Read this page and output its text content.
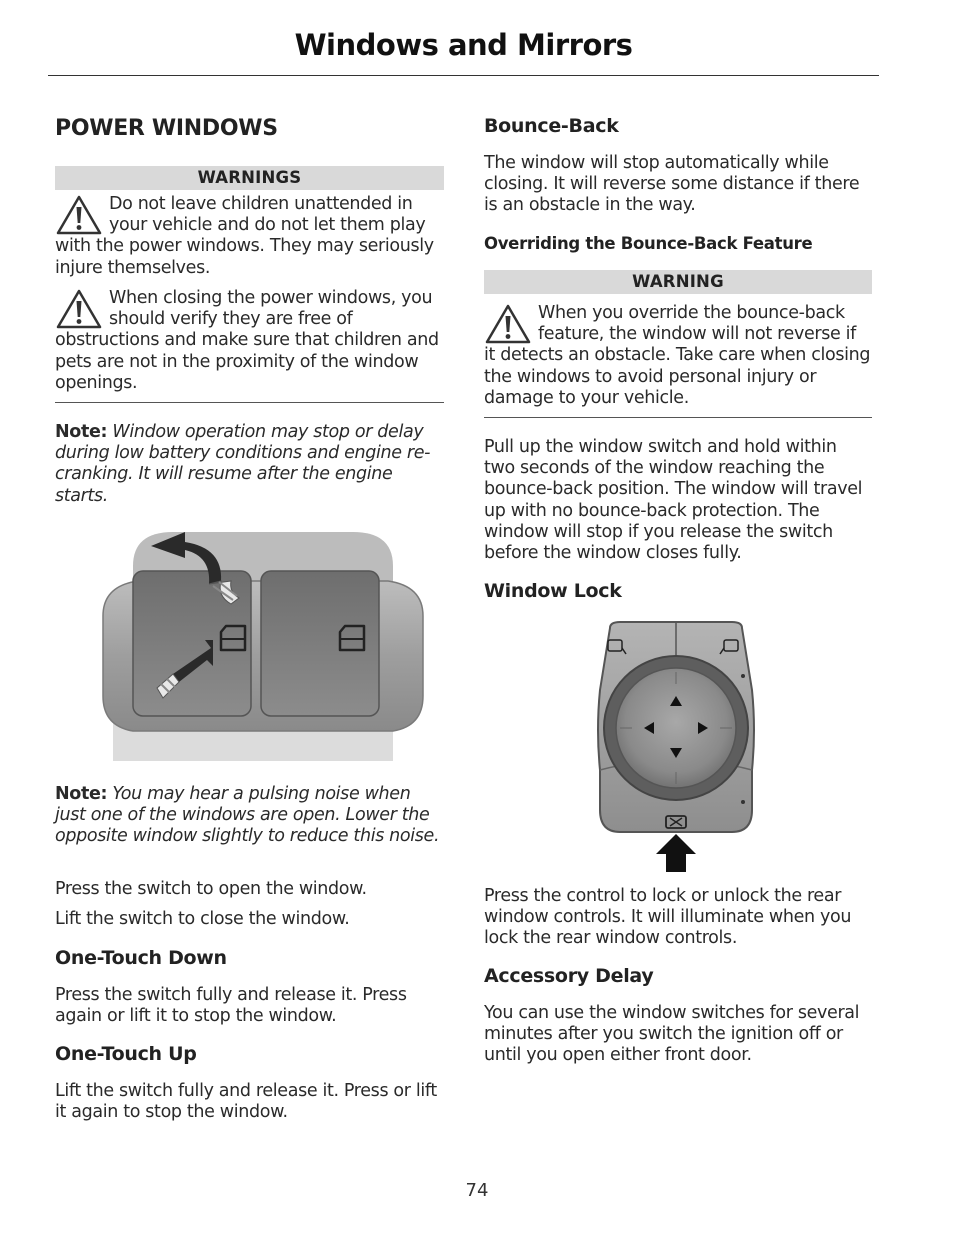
Windows and Mirrors
POWER WINDOWS
WARNINGS
Do not leave children unattended in your vehicle and do not let them play with the power windows. They may seriously injure themselves.
When closing the power windows, you should verify they are free of obstructions and make sure that children and pets are not in the proximity of the window openings.
Note: Window operation may stop or delay during low battery conditions and engine re-cranking. It will resume after the engine starts.
Note: You may hear a pulsing noise when just one of the windows are open. Lower the opposite window slightly to reduce this noise.
Press the switch to open the window.
Lift the switch to close the window.
One-Touch Down
Press the switch fully and release it. Press again or lift it to stop the window.
One-Touch Up
Lift the switch fully and release it. Press or lift it again to stop the window.
Bounce-Back
The window will stop automatically while closing. It will reverse some distance if there is an obstacle in the way.
Overriding the Bounce-Back Feature
WARNING
When you override the bounce-back feature, the window will not reverse if it detects an obstacle. Take care when closing the windows to avoid personal injury or damage to your vehicle.
Pull up the window switch and hold within two seconds of the window reaching the bounce-back position. The window will travel up with no bounce-back protection. The window will stop if you release the switch before the window closes fully.
Window Lock
Press the control to lock or unlock the rear window controls. It will illuminate when you lock the rear window controls.
Accessory Delay
You can use the window switches for several minutes after you switch the ignition off or until you open either front door.
74
